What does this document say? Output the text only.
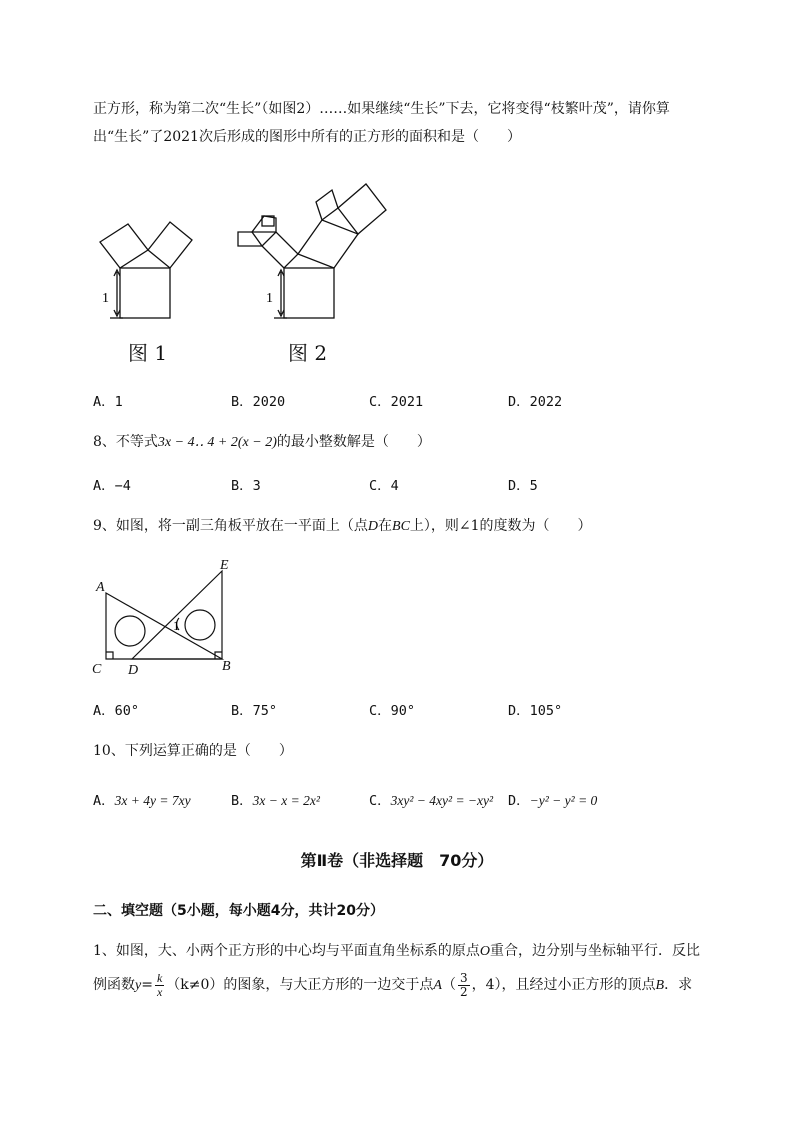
正方形，称为第二次“生长”（如图2）……如果继续“生长”下去，它将变得“枝繁叶茂”，请你算
出“生长”了2021次后形成的图形中所有的正方形的面积和是（　　）
1
图 1
1
图 2
A．1	B．2020	C．2021	D．2022
8、不等式3x − 4‥ 4 + 2(x − 2)的最小整数解是（　　）
A．−4	B．3	C．4	D．5
9、如图，将一副三角板平放在一平面上（点D在BC上），则∠1的度数为（　　）
A
C D	B
E
1
A．60°	B．75°	C．90°	D．105°
10、下列运算正确的是（　　）
A．3x + 4y = 7xy	B．3x − x = 2x²	C．3xy² − 4xy² = −xy² D．−y² − y² = 0
第Ⅱ卷（非选择题　70分）
二、填空题（5小题，每小题4分，共计20分）
1、如图，大、小两个正方形的中心均与平面直角坐标系的原点O重合，边分别与坐标轴平行．反比
例函数$y= \frac{k}{x} (k\ne 0)$的图象，与大正方形的一边交于点$A( \frac{3}{2}$ ，4），且经过小正方形的顶点B．求
